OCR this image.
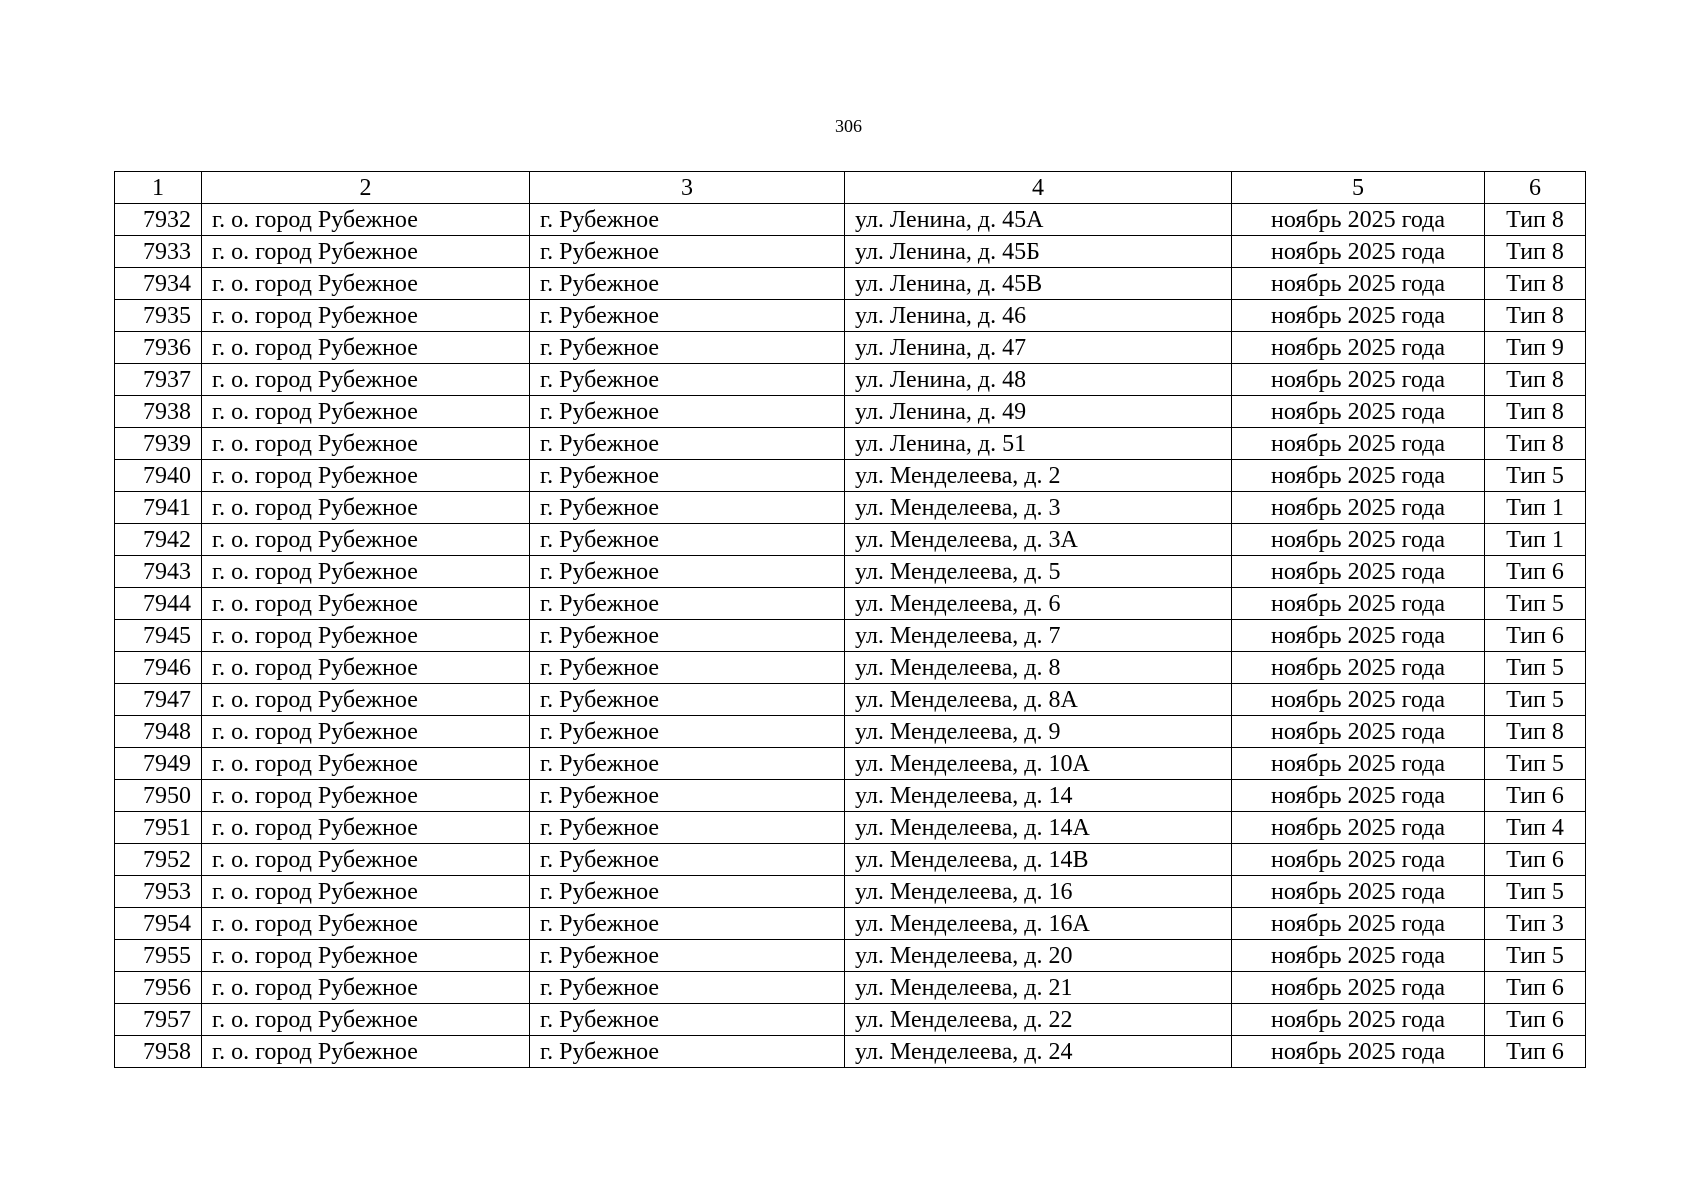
306
1	2	3	4	5	6
7932	г. о. город Рубежное	г. Рубежное	ул. Ленина, д. 45А	ноябрь 2025 года	Тип 8
7933	г. о. город Рубежное	г. Рубежное	ул. Ленина, д. 45Б	ноябрь 2025 года	Тип 8
7934	г. о. город Рубежное	г. Рубежное	ул. Ленина, д. 45В	ноябрь 2025 года	Тип 8
7935	г. о. город Рубежное	г. Рубежное	ул. Ленина, д. 46	ноябрь 2025 года	Тип 8
7936	г. о. город Рубежное	г. Рубежное	ул. Ленина, д. 47	ноябрь 2025 года	Тип 9
7937	г. о. город Рубежное	г. Рубежное	ул. Ленина, д. 48	ноябрь 2025 года	Тип 8
7938	г. о. город Рубежное	г. Рубежное	ул. Ленина, д. 49	ноябрь 2025 года	Тип 8
7939	г. о. город Рубежное	г. Рубежное	ул. Ленина, д. 51	ноябрь 2025 года	Тип 8
7940	г. о. город Рубежное	г. Рубежное	ул. Менделеева, д. 2	ноябрь 2025 года	Тип 5
7941	г. о. город Рубежное	г. Рубежное	ул. Менделеева, д. 3	ноябрь 2025 года	Тип 1
7942	г. о. город Рубежное	г. Рубежное	ул. Менделеева, д. 3А	ноябрь 2025 года	Тип 1
7943	г. о. город Рубежное	г. Рубежное	ул. Менделеева, д. 5	ноябрь 2025 года	Тип 6
7944	г. о. город Рубежное	г. Рубежное	ул. Менделеева, д. 6	ноябрь 2025 года	Тип 5
7945	г. о. город Рубежное	г. Рубежное	ул. Менделеева, д. 7	ноябрь 2025 года	Тип 6
7946	г. о. город Рубежное	г. Рубежное	ул. Менделеева, д. 8	ноябрь 2025 года	Тип 5
7947	г. о. город Рубежное	г. Рубежное	ул. Менделеева, д. 8А	ноябрь 2025 года	Тип 5
7948	г. о. город Рубежное	г. Рубежное	ул. Менделеева, д. 9	ноябрь 2025 года	Тип 8
7949	г. о. город Рубежное	г. Рубежное	ул. Менделеева, д. 10А	ноябрь 2025 года	Тип 5
7950	г. о. город Рубежное	г. Рубежное	ул. Менделеева, д. 14	ноябрь 2025 года	Тип 6
7951	г. о. город Рубежное	г. Рубежное	ул. Менделеева, д. 14А	ноябрь 2025 года	Тип 4
7952	г. о. город Рубежное	г. Рубежное	ул. Менделеева, д. 14В	ноябрь 2025 года	Тип 6
7953	г. о. город Рубежное	г. Рубежное	ул. Менделеева, д. 16	ноябрь 2025 года	Тип 5
7954	г. о. город Рубежное	г. Рубежное	ул. Менделеева, д. 16А	ноябрь 2025 года	Тип 3
7955	г. о. город Рубежное	г. Рубежное	ул. Менделеева, д. 20	ноябрь 2025 года	Тип 5
7956	г. о. город Рубежное	г. Рубежное	ул. Менделеева, д. 21	ноябрь 2025 года	Тип 6
7957	г. о. город Рубежное	г. Рубежное	ул. Менделеева, д. 22	ноябрь 2025 года	Тип 6
7958	г. о. город Рубежное	г. Рубежное	ул. Менделеева, д. 24	ноябрь 2025 года	Тип 6
